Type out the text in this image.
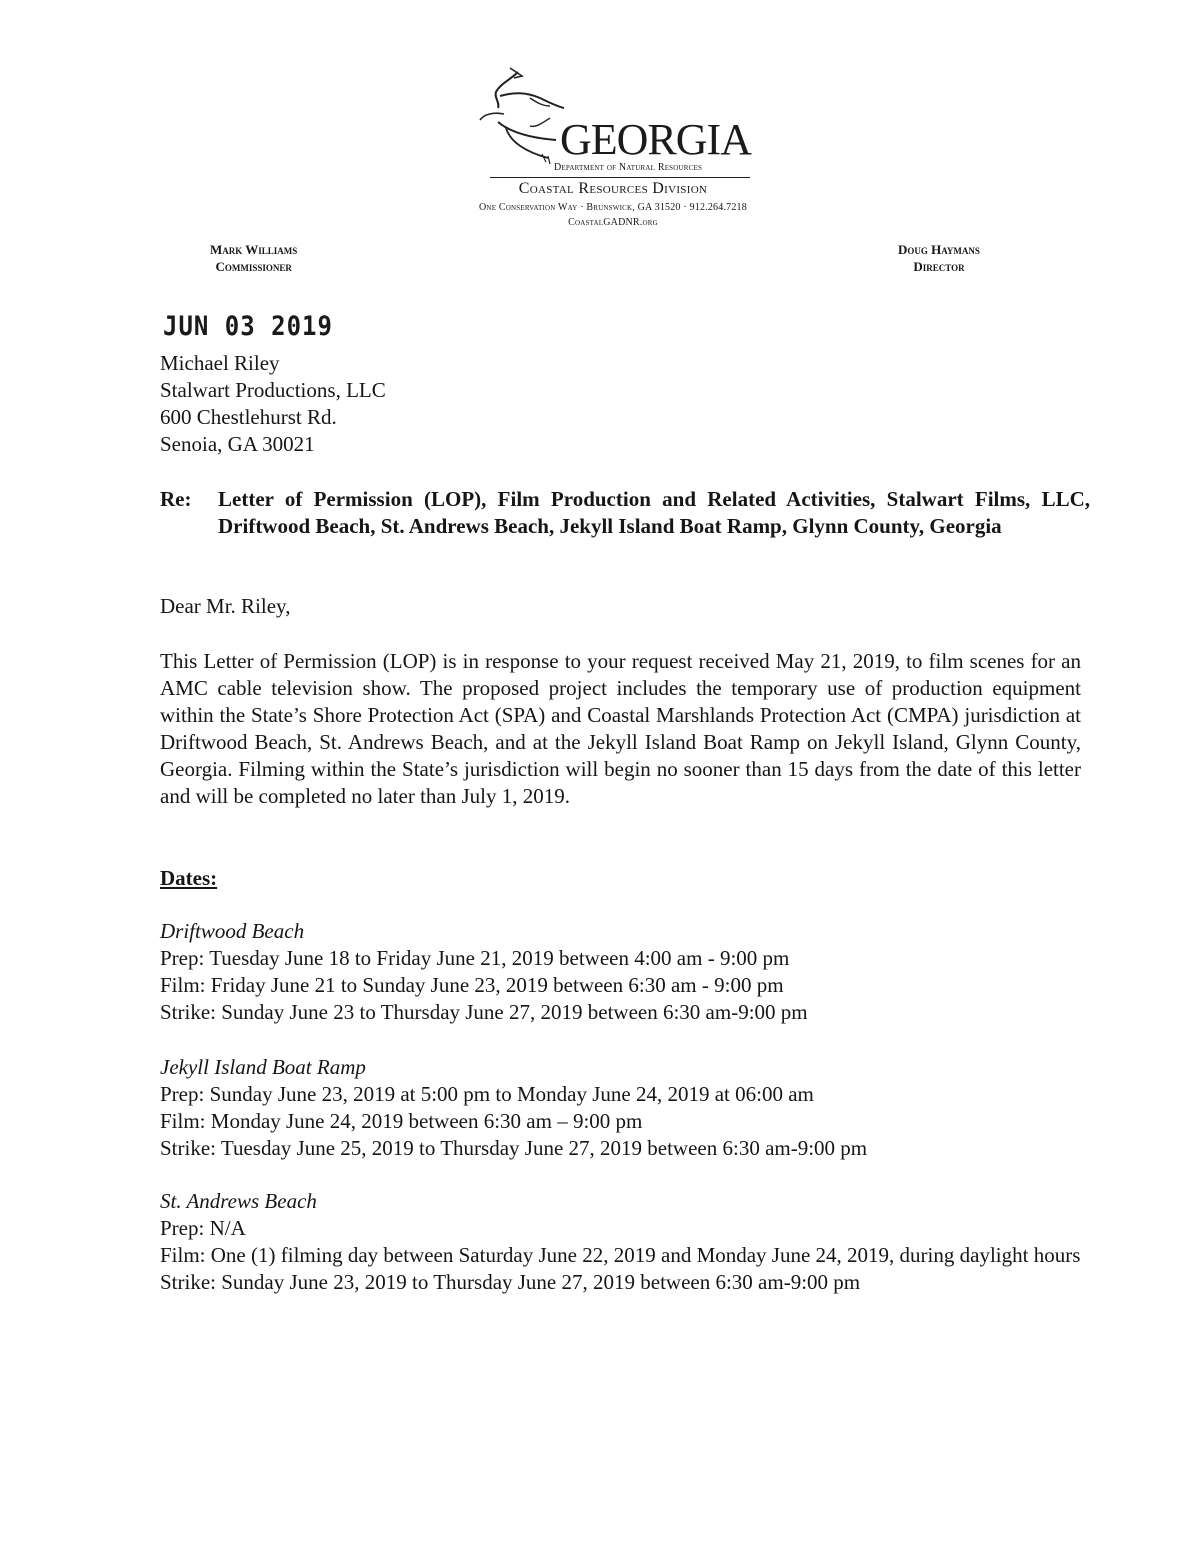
GEORGIA
Department of Natural Resources
Coastal Resources Division
One Conservation Way · Brunswick, GA 31520 · 912.264.7218
CoastalGADNR.org
Mark Williams
Commissioner
Doug Haymans
Director
JUN 03 2019
Michael Riley
Stalwart Productions, LLC
600 Chestlehurst Rd.
Senoia, GA 30021
Re: Letter of Permission (LOP), Film Production and Related Activities, Stalwart Films, LLC, Driftwood Beach, St. Andrews Beach, Jekyll Island Boat Ramp, Glynn County, Georgia
Dear Mr. Riley,
This Letter of Permission (LOP) is in response to your request received May 21, 2019, to film scenes for an AMC cable television show. The proposed project includes the temporary use of production equipment within the State’s Shore Protection Act (SPA) and Coastal Marshlands Protection Act (CMPA) jurisdiction at Driftwood Beach, St. Andrews Beach, and at the Jekyll Island Boat Ramp on Jekyll Island, Glynn County, Georgia. Filming within the State’s jurisdiction will begin no sooner than 15 days from the date of this letter and will be completed no later than July 1, 2019.
Dates:

Driftwood Beach

Prep: Tuesday June 18 to Friday June 21, 2019 between 4:00 am - 9:00 pm

Film: Friday June 21 to Sunday June 23, 2019 between 6:30 am - 9:00 pm

Strike: Sunday June 23 to Thursday June 27, 2019 between 6:30 am-9:00 pm

Jekyll Island Boat Ramp

Prep: Sunday June 23, 2019 at 5:00 pm to Monday June 24, 2019 at 06:00 am

Film: Monday June 24, 2019 between 6:30 am – 9:00 pm

Strike: Tuesday June 25, 2019 to Thursday June 27, 2019 between 6:30 am-9:00 pm

St. Andrews Beach

Prep: N/A

Film: One (1) filming day between Saturday June 22, 2019 and Monday June 24, 2019, during daylight hours

Strike: Sunday June 23, 2019 to Thursday June 27, 2019 between 6:30 am-9:00 pm
